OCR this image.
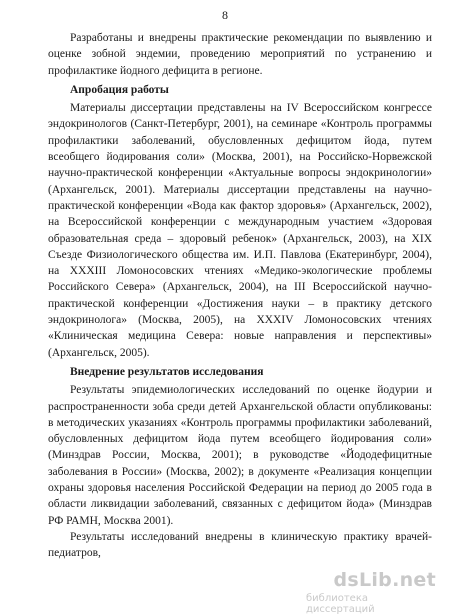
8

Разработаны и внедрены практические рекомендации по выявлению и оценке зобной эндемии, проведению мероприятий по устранению и профилактике йодного дефицита в регионе.

Апробация работы

Материалы диссертации представлены на IV Всероссийском конгрессе эндокринологов (Санкт-Петербург, 2001), на семинаре «Контроль программы профилактики заболеваний, обусловленных дефицитом йода, путем всеобщего йодирования соли» (Москва, 2001), на Российско-Норвежской научно-практической конференции «Актуальные вопросы эндокринологии» (Архангельск, 2001). Материалы диссертации представлены на научно-практической конференции «Вода как фактор здоровья» (Архангельск, 2002), на Всероссийской конференции с международным участием «Здоровая образовательная среда – здоровый ребенок» (Архангельск, 2003), на XIX Съезде Физиологического общества им. И.П. Павлова (Екатеринбург, 2004), на XXXIII Ломоносовских чтениях «Медико-экологические проблемы Российского Севера» (Архангельск, 2004), на III Всероссийской научно-практической конференции «Достижения науки – в практику детского эндокринолога» (Москва, 2005), на XXXIV Ломоносовских чтениях «Клиническая медицина Севера: новые направления и перспективы» (Архангельск, 2005).

Внедрение результатов исследования

Результаты эпидемиологических исследований по оценке йодурии и распространенности зоба среди детей Архангельской области опубликованы: в методических указаниях «Контроль программы профилактики заболеваний, обусловленных дефицитом йода путем всеобщего йодирования соли» (Минздрав России, Москва, 2001); в руководстве «Йододефицитные заболевания в России» (Москва, 2002); в документе «Реализация концепции охраны здоровья населения Российской Федерации на период до 2005 года в области ликвидации заболеваний, связанных с дефицитом йода» (Минздрав РФ РАМН, Москва 2001).

Результаты исследований внедрены в клиническую практику врачей-педиатров,

dsLib.net
библиотека диссертаций
